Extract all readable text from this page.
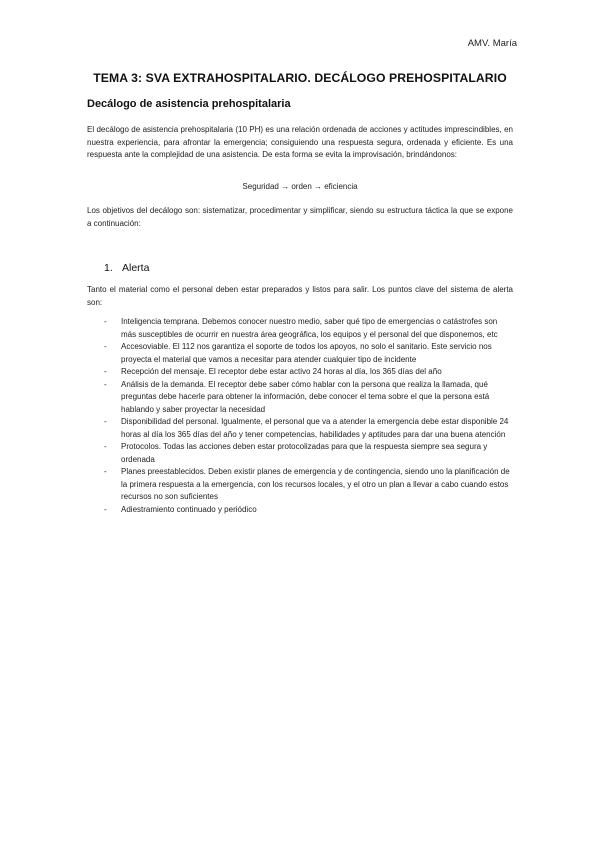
AMV. María
TEMA 3: SVA EXTRAHOSPITALARIO. DECÁLOGO PREHOSPITALARIO
Decálogo de asistencia prehospitalaria

El decálogo de asistencia prehospitalaria (10 PH) es una relación ordenada de acciones y actitudes imprescindibles, en nuestra experiencia, para afrontar la emergencia; consiguiendo una respuesta segura, ordenada y eficiente. Es una respuesta ante la complejidad de una asistencia. De esta forma se evita la improvisación, brindándonos:

Seguridad → orden → eficiencia

Los objetivos del decálogo son: sistematizar, procedimentar y simplificar, siendo su estructura táctica la que se expone a continuación:

1. Alerta

Tanto el material como el personal deben estar preparados y listos para salir. Los puntos clave del sistema de alerta son:

- Inteligencia temprana. Debemos conocer nuestro medio, saber qué tipo de emergencias o catástrofes son más susceptibles de ocurrir en nuestra área geográfica, los equipos y el personal del que disponemos, etc
- Accesoviable. El 112 nos garantiza el soporte de todos los apoyos, no solo el sanitario. Este servicio nos proyecta el material que vamos a necesitar para atender cualquier tipo de incidente
- Recepción del mensaje. El receptor debe estar activo 24 horas al día, los 365 días del año
- Análisis de la demanda. El receptor debe saber cómo hablar con la persona que realiza la llamada, qué preguntas debe hacerle para obtener la información, debe conocer el tema sobre el que la persona está hablando y saber proyectar la necesidad
- Disponibilidad del personal. Igualmente, el personal que va a atender la emergencia debe estar disponible 24 horas al día los 365 días del año y tener competencias, habilidades y aptitudes para dar una buena atención
- Protocolos. Todas las acciones deben estar protocolizadas para que la respuesta siempre sea segura y ordenada
- Planes preestablecidos. Deben existir planes de emergencia y de contingencia, siendo uno la planificación de la primera respuesta a la emergencia, con los recursos locales, y el otro un plan a llevar a cabo cuando estos recursos no son suficientes
- Adiestramiento continuado y periódico
